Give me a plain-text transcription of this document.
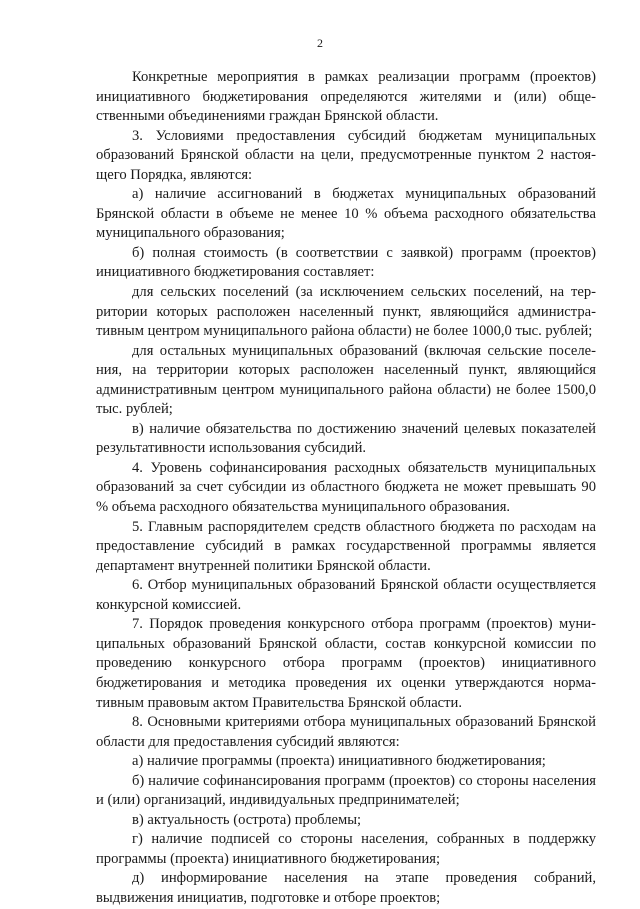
2

Конкретные мероприятия в рамках реализации программ (проектов) инициативного бюджетирования определяются жителями и (или) общественными объединениями граждан Брянской области.

3. Условиями предоставления субсидий бюджетам муниципальных образований Брянской области на цели, предусмотренные пунктом 2 настоящего Порядка, являются:

а) наличие ассигнований в бюджетах муниципальных образований Брянской области в объеме не менее 10 % объема расходного обязательства муниципального образования;

б) полная стоимость (в соответствии с заявкой) программ (проектов) инициативного бюджетирования составляет:

для сельских поселений (за исключением сельских поселений, на территории которых расположен населенный пункт, являющийся административным центром муниципального района области) не более 1000,0 тыс. рублей;

для остальных муниципальных образований (включая сельские поселения, на территории которых расположен населенный пункт, являющийся административным центром муниципального района области) не более 1500,0 тыс. рублей;

в) наличие обязательства по достижению значений целевых показателей результативности использования субсидий.

4. Уровень софинансирования расходных обязательств муниципальных образований за счет субсидии из областного бюджета не может превышать 90 % объема расходного обязательства муниципального образования.

5. Главным распорядителем средств областного бюджета по расходам на предоставление субсидий в рамках государственной программы является департамент внутренней политики Брянской области.

6. Отбор муниципальных образований Брянской области осуществляется конкурсной комиссией.

7. Порядок проведения конкурсного отбора программ (проектов) муниципальных образований Брянской области, состав конкурсной комиссии по проведению конкурсного отбора программ (проектов) инициативного бюджетирования и методика проведения их оценки утверждаются нормативным правовым актом Правительства Брянской области.

8. Основными критериями отбора муниципальных образований Брянской области для предоставления субсидий являются:

а) наличие программы (проекта) инициативного бюджетирования;

б) наличие софинансирования программ (проектов) со стороны населения и (или) организаций, индивидуальных предпринимателей;

в) актуальность (острота) проблемы;

г) наличие подписей со стороны населения, собранных в поддержку программы (проекта) инициативного бюджетирования;

д) информирование населения на этапе проведения собраний, выдвижения инициатив, подготовке и отборе проектов;
